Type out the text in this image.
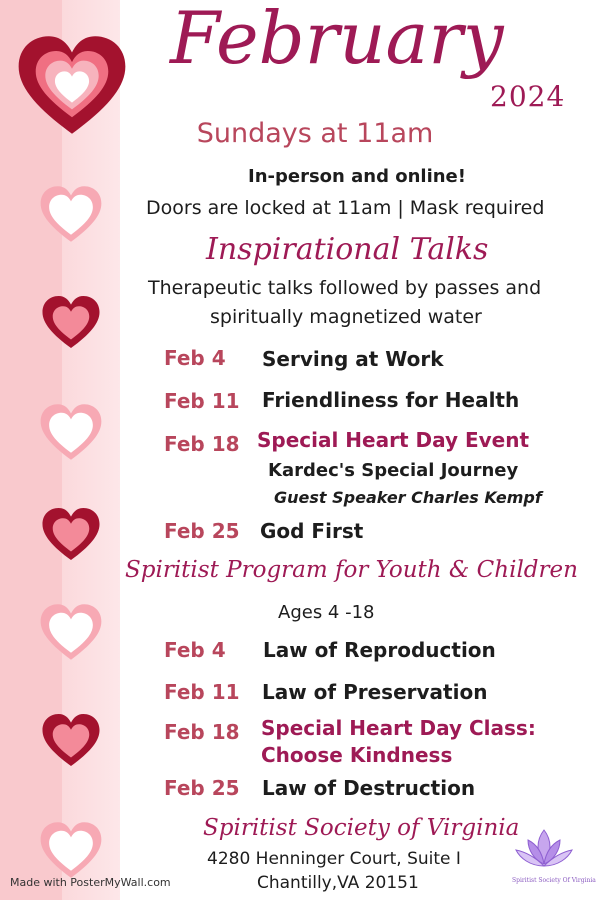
February
2024
Sundays at 11am
In-person and online!
Doors are locked at 11am | Mask required
Inspirational Talks
Therapeutic talks followed by passes and
spiritually magnetized water
Feb 4 Serving at Work
Feb 11 Friendliness for Health
Feb 18 Special Heart Day Event
Kardec's Special Journey
Guest Speaker Charles Kempf
Feb 25 God First
Spiritist Program for Youth & Children
Ages 4 -18
Feb 4 Law of Reproduction
Feb 11 Law of Preservation
Feb 18 Special Heart Day Class:
Choose Kindness
Feb 25 Law of Destruction
Spiritist Society of Virginia
4280 Henninger Court, Suite I
Chantilly,VA 20151	Spiritist Society Of Virginia
Made with PosterMyWall.com
